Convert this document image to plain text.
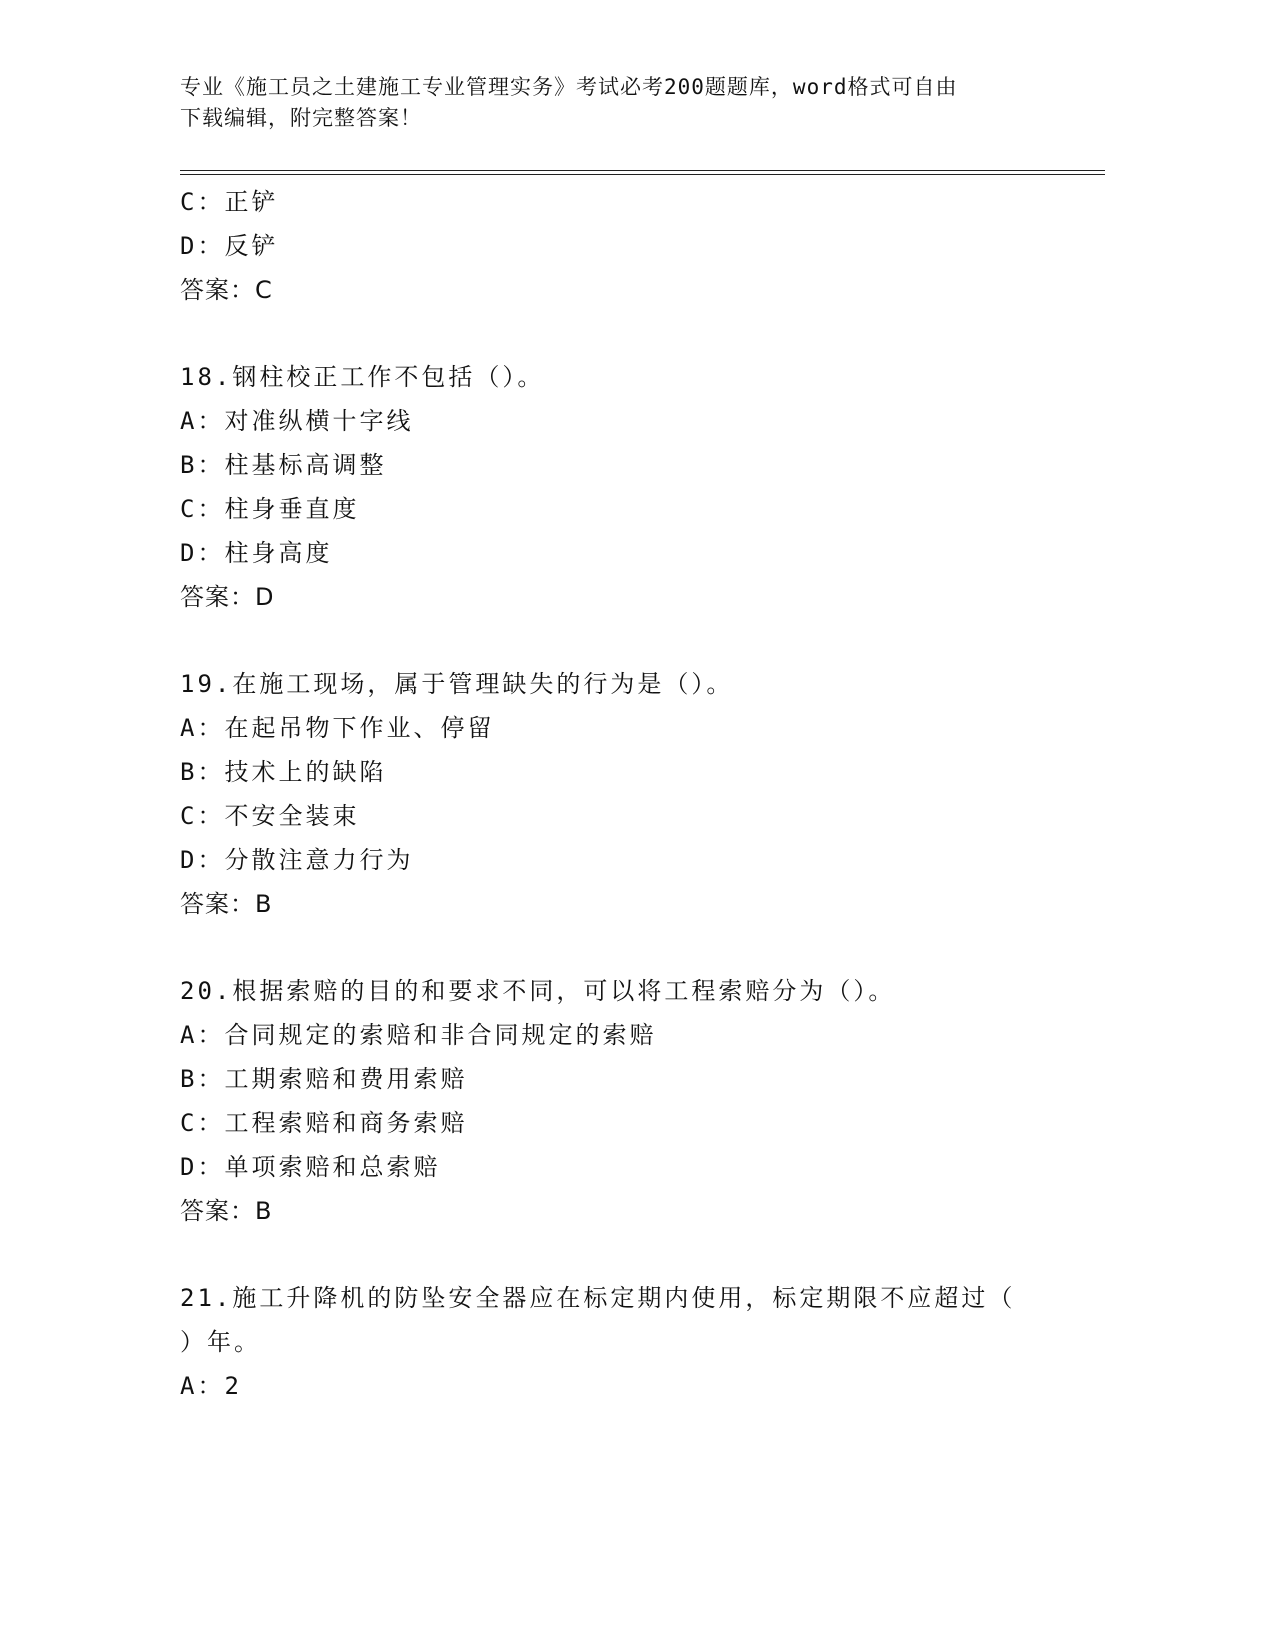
专业《施工员之土建施工专业管理实务》考试必考200题题库，word格式可自由
下载编辑，附完整答案！
C：正铲
D：反铲
答案：C
18.钢柱校正工作不包括（）。
A：对准纵横十字线
B：柱基标高调整
C：柱身垂直度
D：柱身高度
答案：D
19.在施工现场，属于管理缺失的行为是（）。
A：在起吊物下作业、停留
B：技术上的缺陷
C：不安全装束
D：分散注意力行为
答案：B
20.根据索赔的目的和要求不同，可以将工程索赔分为（）。
A：合同规定的索赔和非合同规定的索赔
B：工期索赔和费用索赔
C：工程索赔和商务索赔
D：单项索赔和总索赔
答案：B
21.施工升降机的防坠安全器应在标定期内使用，标定期限不应超过（
）年。
A：2
